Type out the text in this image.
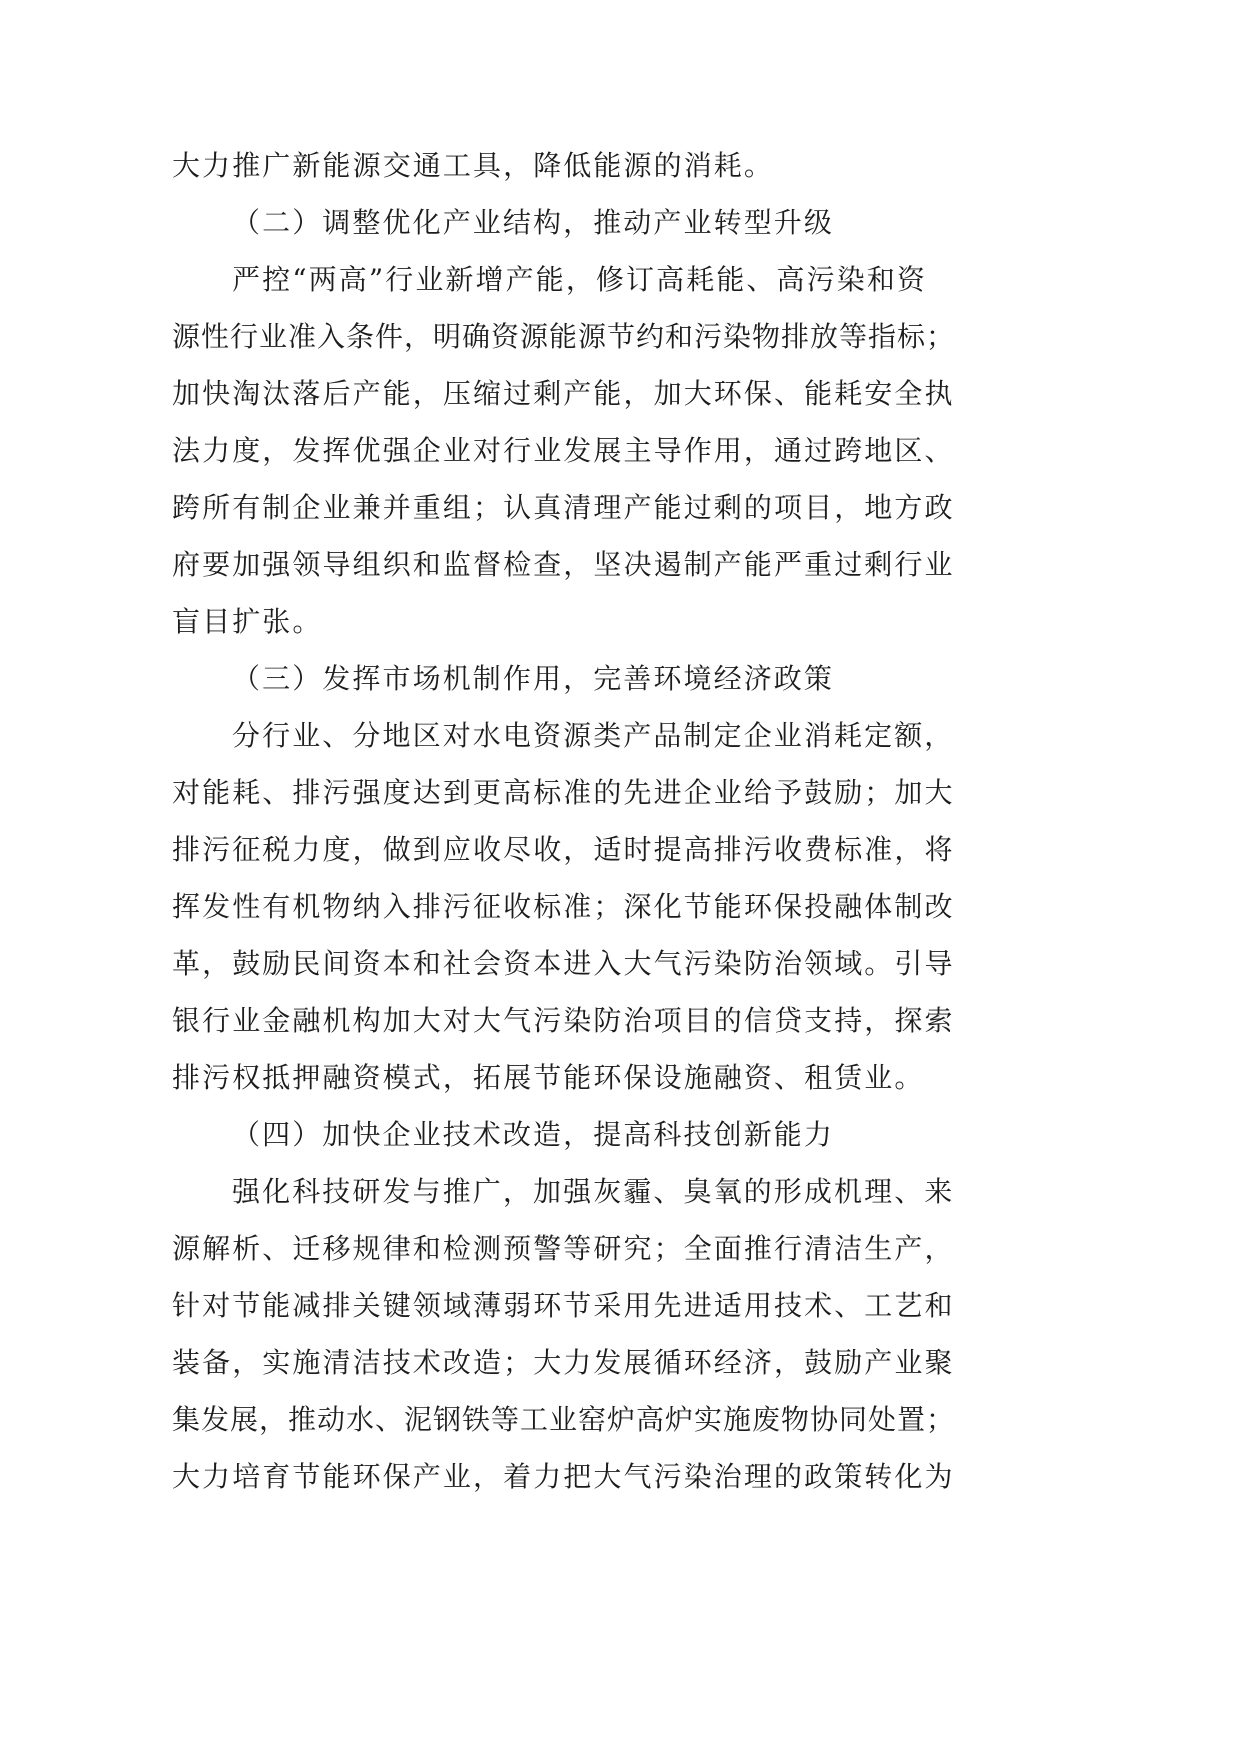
大力推广新能源交通工具，降低能源的消耗。
（二）调整优化产业结构，推动产业转型升级
严控“两高”行业新增产能，修订高耗能、高污染和资
源性行业准入条件，明确资源能源节约和污染物排放等指标；
加快淘汰落后产能，压缩过剩产能，加大环保、能耗安全执
法力度，发挥优强企业对行业发展主导作用，通过跨地区、
跨所有制企业兼并重组；认真清理产能过剩的项目，地方政
府要加强领导组织和监督检查，坚决遏制产能严重过剩行业
盲目扩张。
（三）发挥市场机制作用，完善环境经济政策
分行业、分地区对水电资源类产品制定企业消耗定额，
对能耗、排污强度达到更高标准的先进企业给予鼓励；加大
排污征税力度，做到应收尽收，适时提高排污收费标准，将
挥发性有机物纳入排污征收标准；深化节能环保投融体制改
革，鼓励民间资本和社会资本进入大气污染防治领域。引导
银行业金融机构加大对大气污染防治项目的信贷支持，探索
排污权抵押融资模式，拓展节能环保设施融资、租赁业。
（四）加快企业技术改造，提高科技创新能力
强化科技研发与推广，加强灰霾、臭氧的形成机理、来
源解析、迁移规律和检测预警等研究；全面推行清洁生产，
针对节能减排关键领域薄弱环节采用先进适用技术、工艺和
装备，实施清洁技术改造；大力发展循环经济，鼓励产业聚
集发展，推动水、泥钢铁等工业窑炉高炉实施废物协同处置；
大力培育节能环保产业，着力把大气污染治理的政策转化为
